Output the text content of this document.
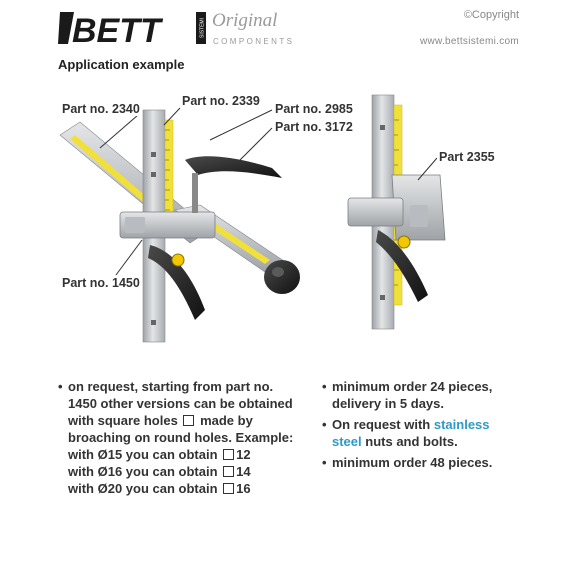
BETT	SISTEMI Original
COMPONENTS
©Copyright
www.bettsistemi.com
Application example
Part no. 2340
Part no. 2339
Part no. 2985
Part no. 3172
Part 2355
Part no. 1450
• on request, starting from part no.
1450 other versions can be obtained
with square holes made by
broaching on round holes. Example:
with Ø15 you can obtain 12
with Ø16 you can obtain 14
with Ø20 you can obtain 16
• minimum order 24 pieces,
delivery in 5 days.
• On request with stainless
steel nuts and bolts.
• minimum order 48 pieces.
